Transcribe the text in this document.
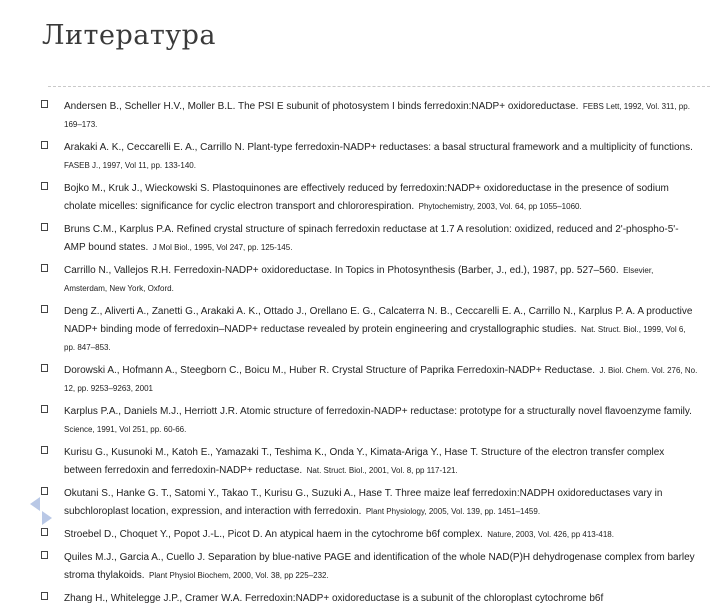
Литература
Andersen B., Scheller H.V., Moller B.L. The PSI E subunit of photosystem I binds ferredoxin:NADP+ oxidoreductase. FEBS Lett, 1992, Vol. 311, pp. 169–173.
Arakaki A. K., Ceccarelli E. A., Carrillo N. Plant-type ferredoxin-NADP+ reductases: a basal structural framework and a multiplicity of functions. FASEB J., 1997, Vol 11, pp. 133-140.
Bojko M., Kruk J., Wieckowski S. Plastoquinones are effectively reduced by ferredoxin:NADP+ oxidoreductase in the presence of sodium cholate micelles: significance for cyclic electron transport and chlororespiration. Phytochemistry, 2003, Vol. 64, pp 1055–1060.
Bruns C.M., Karplus P.A. Refined crystal structure of spinach ferredoxin reductase at 1.7 A resolution: oxidized, reduced and 2'-phospho-5'-AMP bound states. J Mol Biol., 1995, Vol 247, pp. 125-145.
Carrillo N., Vallejos R.H. Ferredoxin-NADP+ oxidoreductase. In Topics in Photosynthesis (Barber, J., ed.), 1987, pp. 527–560. Elsevier, Amsterdam, New York, Oxford.
Deng Z., Aliverti A., Zanetti G., Arakaki A. K., Ottado J., Orellano E. G., Calcaterra N. B., Ceccarelli E. A., Carrillo N., Karplus P. A. A productive NADP+ binding mode of ferredoxin–NADP+ reductase revealed by protein engineering and crystallographic studies. Nat. Struct. Biol., 1999, Vol 6, pp. 847–853.
Dorowski A., Hofmann A., Steegborn C., Boicu M., Huber R. Crystal Structure of Paprika Ferredoxin-NADP+ Reductase. J. Biol. Chem. Vol. 276, No. 12, pp. 9253–9263, 2001
Karplus P.A., Daniels M.J., Herriott J.R. Atomic structure of ferredoxin-NADP+ reductase: prototype for a structurally novel flavoenzyme family. Science, 1991, Vol 251, pp. 60-66.
Kurisu G., Kusunoki M., Katoh E., Yamazaki T., Teshima K., Onda Y., Kimata-Ariga Y., Hase T. Structure of the electron transfer complex between ferredoxin and ferredoxin-NADP+ reductase. Nat. Struct. Biol., 2001, Vol. 8, pp 117-121.
Okutani S., Hanke G. T., Satomi Y., Takao T., Kurisu G., Suzuki A., Hase T. Three maize leaf ferredoxin:NADPH oxidoreductases vary in subchloroplast location, expression, and interaction with ferredoxin. Plant Physiology, 2005, Vol. 139, pp. 1451–1459.
Stroebel D., Choquet Y., Popot J.-L., Picot D. An atypical haem in the cytochrome b6f complex. Nature, 2003, Vol. 426, pp 413-418.
Quiles M.J., Garcia A., Cuello J. Separation by blue-native PAGE and identification of the whole NAD(P)H dehydrogenase complex from barley stroma thylakoids. Plant Physiol Biochem, 2000, Vol. 38, pp 225–232.
Zhang H., Whitelegge J.P., Cramer W.A. Ferredoxin:NADP+ oxidoreductase is a subunit of the chloroplast cytochrome b6f
